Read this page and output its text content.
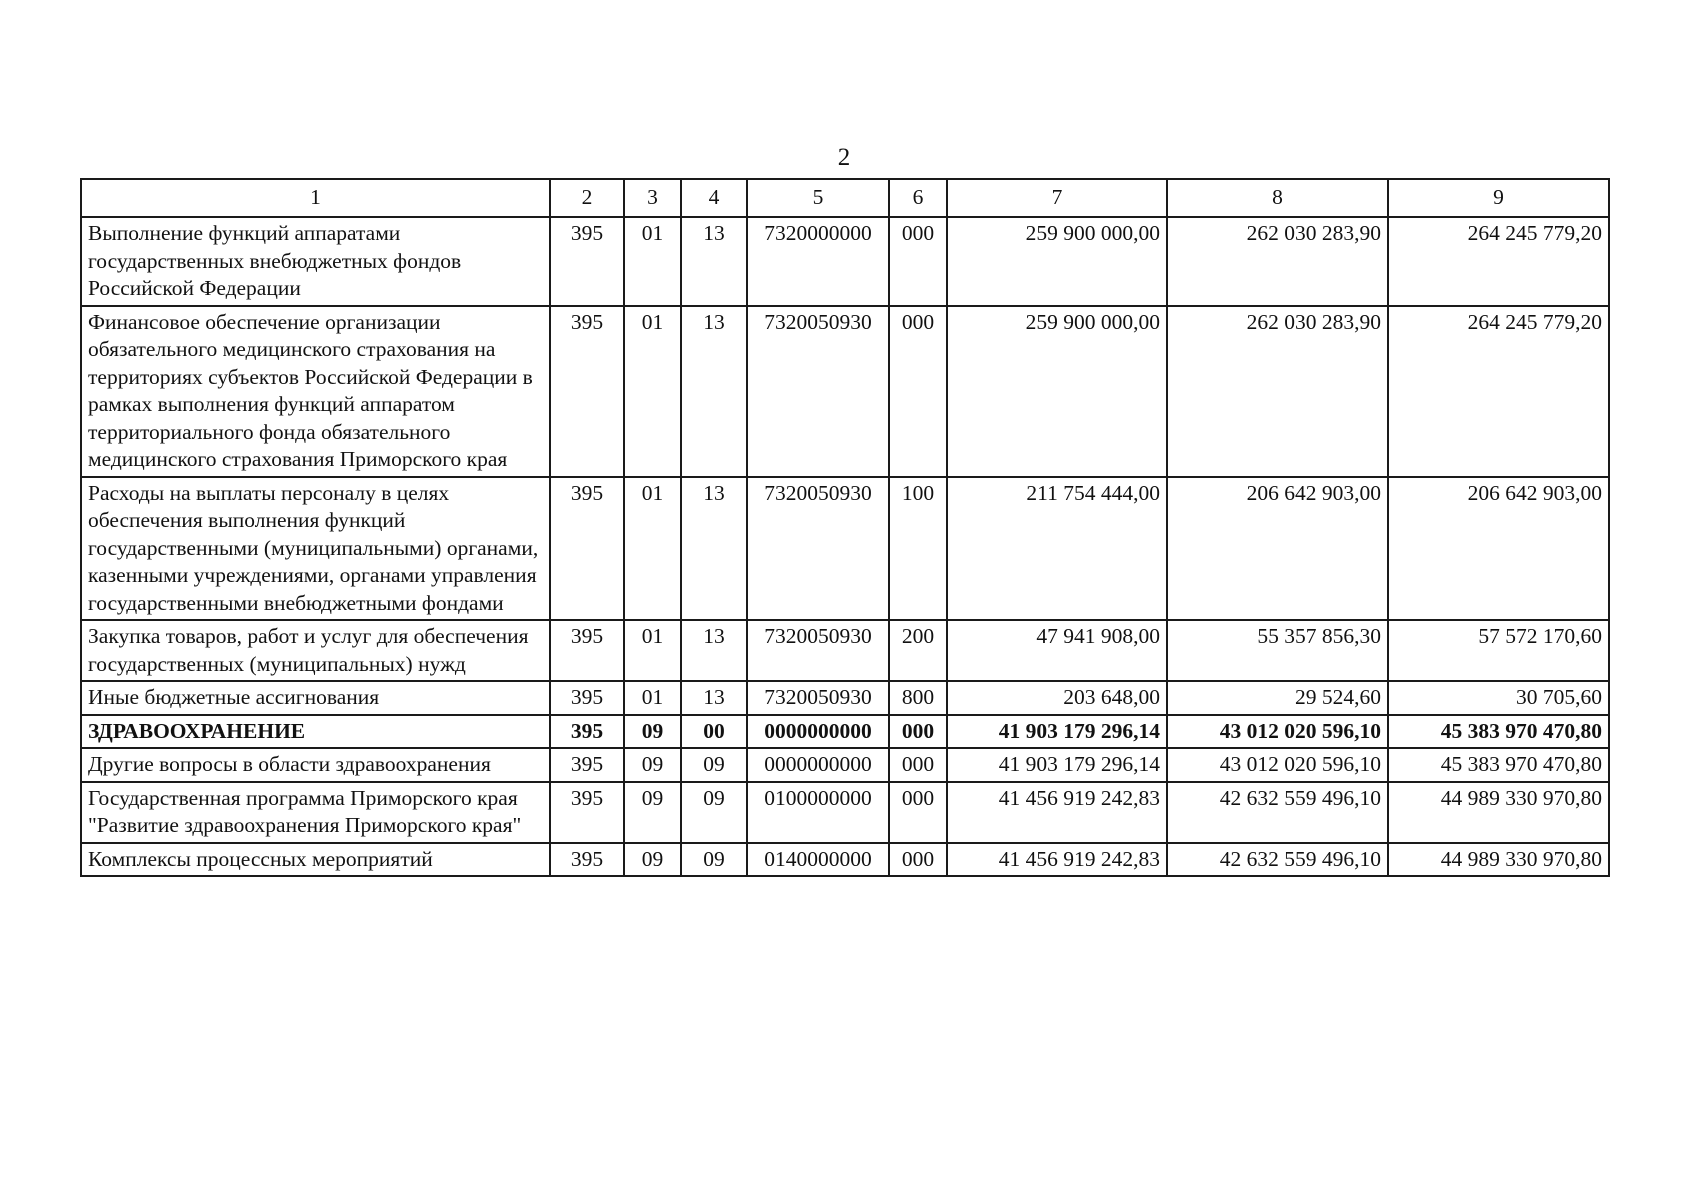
2
1	2	3	4	5	6	7	8	9
Выполнение функций аппаратами государственных внебюджетных фондов Российской Федерации	395	01	13	7320000000	000	259 900 000,00	262 030 283,90	264 245 779,20
Финансовое обеспечение организации обязательного медицинского страхования на территориях субъектов Российской Федерации в рамках выполнения функций аппаратом территориального фонда обязательного медицинского страхования Приморского края	395	01	13	7320050930	000	259 900 000,00	262 030 283,90	264 245 779,20
Расходы на выплаты персоналу в целях обеспечения выполнения функций государственными (муниципальными) органами, казенными учреждениями, органами управления государственными внебюджетными фондами	395	01	13	7320050930	100	211 754 444,00	206 642 903,00	206 642 903,00
Закупка товаров, работ и услуг для обеспечения государственных (муниципальных) нужд	395	01	13	7320050930	200	47 941 908,00	55 357 856,30	57 572 170,60
Иные бюджетные ассигнования	395	01	13	7320050930	800	203 648,00	29 524,60	30 705,60
ЗДРАВООХРАНЕНИЕ	395	09	00	0000000000	000	41 903 179 296,14	43 012 020 596,10	45 383 970 470,80
Другие вопросы в области здравоохранения	395	09	09	0000000000	000	41 903 179 296,14	43 012 020 596,10	45 383 970 470,80
Государственная программа Приморского края "Развитие здравоохранения Приморского края"	395	09	09	0100000000	000	41 456 919 242,83	42 632 559 496,10	44 989 330 970,80
Комплексы процессных мероприятий	395	09	09	0140000000	000	41 456 919 242,83	42 632 559 496,10	44 989 330 970,80
